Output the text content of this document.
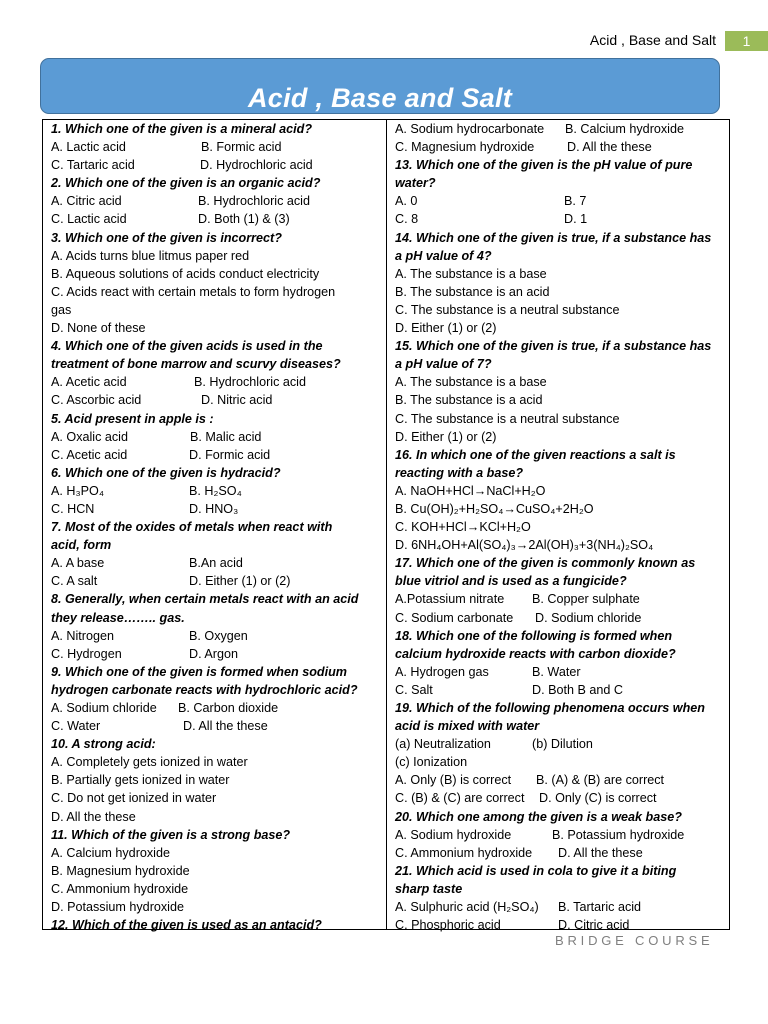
Acid , Base and Salt	1
Acid , Base and Salt
1. Which one of the given is a mineral acid?
A. Lactic acid	B. Formic acid
C. Tartaric acid	D. Hydrochloric acid
2. Which one of the given is an organic acid?
A. Citric acid	B. Hydrochloric acid
C. Lactic acid	D. Both (1) & (3)
3. Which one of the given is incorrect?
A. Acids turns blue litmus paper red
B. Aqueous solutions of acids conduct electricity
C. Acids react with certain metals to form hydrogen
gas
D. None of these
4. Which one of the given acids is used in the
treatment of bone marrow and scurvy diseases?
A. Acetic acid	B. Hydrochloric acid
C. Ascorbic acid	D. Nitric acid
5. Acid present in apple is :
A. Oxalic acid	B. Malic acid
C. Acetic acid	D. Formic acid
6. Which one of the given is hydracid?
A. H₃PO₄	B. H₂SO₄
C. HCN	D. HNO₃
7. Most of the oxides of metals when react with
acid, form
A. A base	B.An acid
C. A salt	D. Either (1) or (2)
8. Generally, when certain metals react with an acid
they release…….. gas.
A. Nitrogen	B. Oxygen
C. Hydrogen	D. Argon
9. Which one of the given is formed when sodium
hydrogen carbonate reacts with hydrochloric acid?
A. Sodium chloride B. Carbon dioxide
C. Water	D. All the these
10. A strong acid:
A. Completely gets ionized in water
B. Partially gets ionized in water
C. Do not get ionized in water
D. All the these
11. Which of the given is a strong base?
A. Calcium hydroxide
B. Magnesium hydroxide
C. Ammonium hydroxide
D. Potassium hydroxide
12. Which of the given is used as an antacid?
A. Sodium hydrocarbonate B. Calcium hydroxide
C. Magnesium hydroxide	D. All the these
13. Which one of the given is the pH value of pure
water?
A. 0	B. 7
C. 8	D. 1
14. Which one of the given is true, if a substance has
a pH value of 4?
A. The substance is a base
B. The substance is an acid
C. The substance is a neutral substance
D. Either (1) or (2)
15. Which one of the given is true, if a substance has
a pH value of 7?
A. The substance is a base
B. The substance is a acid
C. The substance is a neutral substance
D. Either (1) or (2)
16. In which one of the given reactions a salt is
reacting with a base?
A. NaOH+HCl→NaCl+H₂O
B. Cu(OH)₂+H₂SO₄→CuSO₄+2H₂O
C. KOH+HCl→KCl+H₂O
D. 6NH₄OH+Al(SO₄)₃→2Al(OH)₃+3(NH₄)₂SO₄
17. Which one of the given is commonly known as
blue vitriol and is used as a fungicide?
A.Potassium nitrate B. Copper sulphate
C. Sodium carbonate D. Sodium chloride
18. Which one of the following is formed when
calcium hydroxide reacts with carbon dioxide?
A. Hydrogen gas	B. Water
C. Salt	D. Both B and C
19. Which of the following phenomena occurs when
acid is mixed with water
(a) Neutralization	(b) Dilution
(c) Ionization
A. Only (B) is correct B. (A) & (B) are correct
C. (B) & (C) are correct D. Only (C) is correct
20. Which one among the given is a weak base?
A. Sodium hydroxide	B. Potassium hydroxide
C. Ammonium hydroxide D. All the these
21. Which acid is used in cola to give it a biting
sharp taste
A. Sulphuric acid (H₂SO₄) B. Tartaric acid
C. Phosphoric acid	D. Citric acid
BRIDGE COURSE
